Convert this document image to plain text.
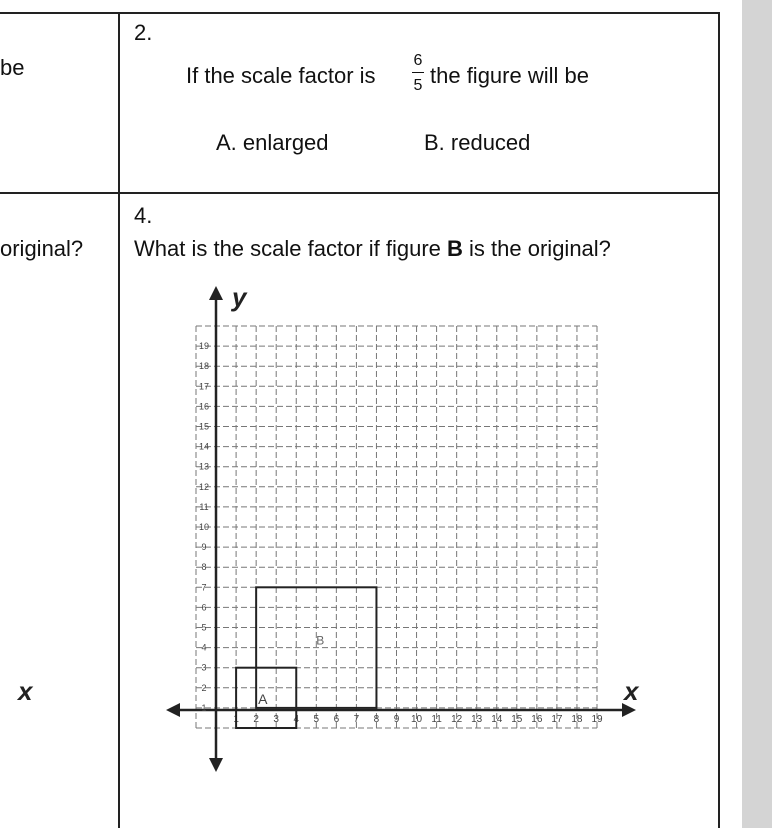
be
original?
2.
If the scale factor is
6
5 the figure will be
A. enlarged	B. reduced
4.
What is the scale factor if figure B is the original?
1 2 3 4 5 6 7 8 9 10 11 12 13 14 15 16 17 18 19
1
2
3
4
5
6
7
8
9
10
11
12
13
14
15
16
17
18
19
A
B
y
x
x
